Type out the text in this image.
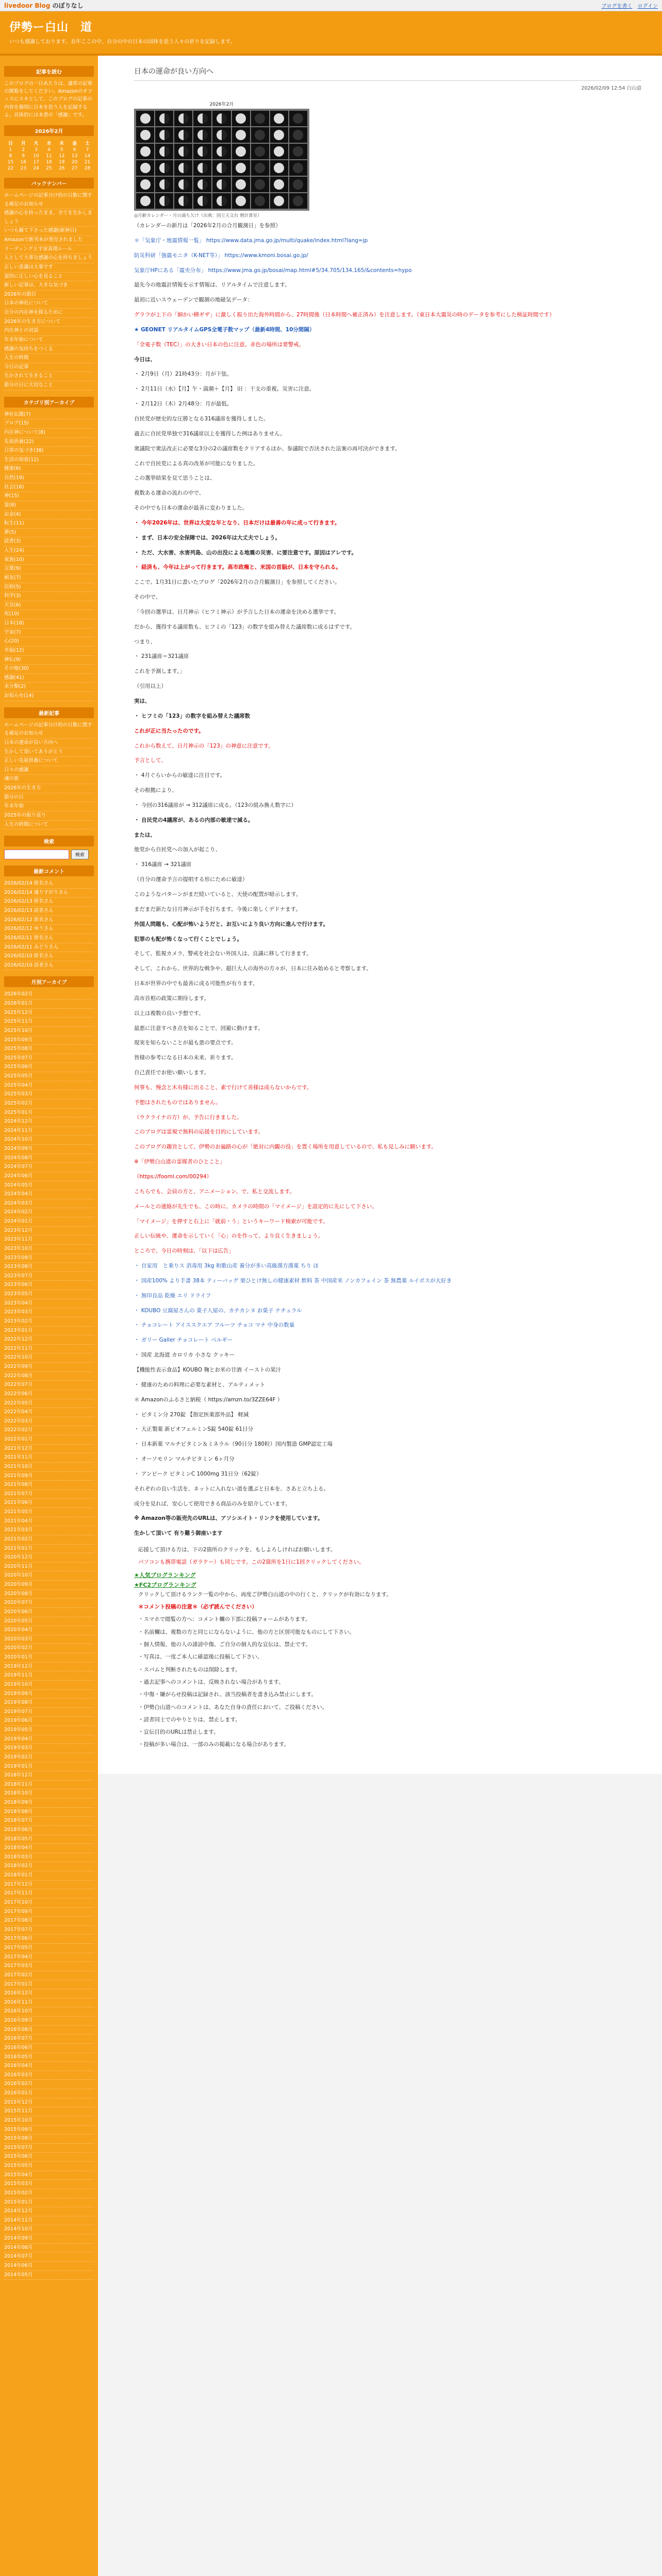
livedoor Blog のぼりなし	ブログを書く ログイン
伊勢ー白山　道
いつも感謝しております。長年ここの中，自分の中の日本の国体を思う人々の祈りを記録します。
記事を読む
このブログの一日あたりは、通常の記事の閲覧をしてください。Amazonのオフィスにスキとして、このブログの記事の内容を個別に日本を思う人を記録するよ。具体的には本書の「感謝」です。
2026年2月
日	月	火	水	木	金	土
1	2	3	4	5	6	7
8	9	10	11	12	13	14
15	16	17	18	19	20	21
22	23	24	25	26	27	28
バックナンバー
ホームページの記事分け的の日数に関する補足のお知らせ
感謝の心を持ったまま、全てを生かしましょう
いつも観て下さった感謝(新神日)
Amazonで新刊本が発売されました
リーディングと宇宙真理ルール
人として大事な感謝の心を持ちましょう
正しい意識は大事です
霊的に正しい心を見ること
新しい記事は、大きな気づき
2026年の節目
日本の神社について
自分の内在神を探るために
2026年の生き方について
内在神との対話
年末年始について
感謝の気持ちをつくる
人生の時間
今日の記事
生かされて生きること
節分の日に大切なこと
カテゴリ別アーカイブ
神社仏閣(7)
ブログ(15)
内在神について(8)
先祖供養(22)
日常の気づき(38)
生活の知恵(12)
健康(6)
自然(19)
社会(16)
神(15)
霊(8)
お金(4)
転生(11)
夢(5)
読書(3)
人生(24)
家族(10)
言葉(9)
病気(7)
信仰(5)
科学(3)
天皇(6)
死(10)
日本(18)
宇宙(7)
心(20)
幸福(12)
神仏(9)
その他(30)
感謝(41)
未分類(2)
お知らせ(14)
最新記事
ホームページの記事分け的の日数に関する補足のお知らせ
日本の運命が良い方向へ
生かして頂いてありがとう
正しい先祖供養について
日々の感謝
魂の旅
2026年の生き方
節分の日
年末年始
2025年の振り返り
人生の時間について
検索
検索
最新コメント
2026/02/14 匿名さん
2026/02/14 通りすがりさん
2026/02/13 匿名さん
2026/02/13 読者さん
2026/02/12 匿名さん
2026/02/12 ゆうさん
2026/02/11 匿名さん
2026/02/11 みどりさん
2026/02/10 匿名さん
2026/02/10 読者さん
月別アーカイブ
2026年02月
2026年01月
2025年12月
2025年11月
2025年10月
2025年09月
2025年08月
2025年07月
2025年06月
2025年05月
2025年04月
2025年03月
2025年02月
2025年01月
2024年12月
2024年11月
2024年10月
2024年09月
2024年08月
2024年07月
2024年06月
2024年05月
2024年04月
2024年03月
2024年02月
2024年01月
2023年12月
2023年11月
2023年10月
2023年09月
2023年08月
2023年07月
2023年06月
2023年05月
2023年04月
2023年03月
2023年02月
2023年01月
2022年12月
2022年11月
2022年10月
2022年09月
2022年08月
2022年07月
2022年06月
2022年05月
2022年04月
2022年03月
2022年02月
2022年01月
2021年12月
2021年11月
2021年10月
2021年09月
2021年08月
2021年07月
2021年06月
2021年05月
2021年04月
2021年03月
2021年02月
2021年01月
2020年12月
2020年11月
2020年10月
2020年09月
2020年08月
2020年07月
2020年06月
2020年05月
2020年04月
2020年03月
2020年02月
2020年01月
2019年12月
2019年11月
2019年10月
2019年09月
2019年08月
2019年07月
2019年06月
2019年05月
2019年04月
2019年03月
2019年02月
2019年01月
2018年12月
2018年11月
2018年10月
2018年09月
2018年08月
2018年07月
2018年06月
2018年05月
2018年04月
2018年03月
2018年02月
2018年01月
2017年12月
2017年11月
2017年10月
2017年09月
2017年08月
2017年07月
2017年06月
2017年05月
2017年04月
2017年03月
2017年02月
2017年01月
2016年12月
2016年11月
2016年10月
2016年09月
2016年08月
2016年07月
2016年06月
2016年05月
2016年04月
2016年03月
2016年02月
2016年01月
2015年12月
2015年11月
2015年10月
2015年09月
2015年08月
2015年07月
2015年06月
2015年05月
2015年04月
2015年03月
2015年02月
2015年01月
2014年12月
2014年11月
2014年10月
2014年09月
2014年08月
2014年07月
2014年06月
2014年05月
日本の運命が良い方向へ
2026/02/09 12:54 白山道
2026年2月
◎月齢カレンダー・月の満ち欠け（出典：国立天文台 暦計算室）

（カレンダーの新月は「2026年2月の合月観測日」を参照）

＊「気象庁・地震情報一覧」 https://www.data.jma.go.jp/multi/quake/index.html?lang=jp

防災科研「強震モニタ（K-NET等）」 https://www.kmoni.bosai.go.jp/

気象庁HPにある「震央分布」 https://www.jma.go.jp/bosai/map.html#5/34.705/134.165/&contents=hypo

最先今の地震計情報を示す情報は、リアルタイムで注意します。

最初に近いスウェーデンで観測の地磁気データ：

グラフが上下の「細かい横ギザ」に激しく振り出た海外時間から、27時間後（日本時間へ補正済み）を注意します。（東日本大震災の時のデータを参考にした検証時間です）

★ GEONET リアルタイムGPS全電子数マップ（最新4時間、10分間隔）

「全電子数（TEC）」の大きい日本の色に注意。赤色の場所は要警戒。

今日は、

・ 2月9日（月）21時43分：月が下弦。

・ 2月11日（水）【月】午・満潮＋【月】 旧 ：干支の重複。災害に注意。

・ 2月12日（木）2月48分：月が最低。

自民党が歴史的な圧勝となる316議席を獲得しました。

過去に自民党単独で316議席以上を獲得した例はありません。

衆議院で衆法改正に必要な3分の2の議席数をクリアするほか、参議院で否決された法案の再可決ができます。

これで自民党による真の改革が可能になりました。

この選挙結果を見て思うことは、

複数ある運命の流れの中で、

その中でも日本の運命が最善に変わりました。

・ 今年2026年は、世界は大変な年となり、日本だけは最善の年に成って行きます。

・ まず、日本の安全保障では、2026年は大丈夫でしょう。

・ ただ、大水害、水害列島、山の出没による地震の災害、に要注意です。原因はアレです。

・ 経済も、今年は上がって行きます。高市政権と、米国の首脳が、日本を守られる。

ここで、1月31日に書いたブログ「2026年2月の合月観測日」を参照してください。

その中で、

「今回の選挙は、日月神示（ヒフミ神示）が予言した日本の運命を決める選挙です。

だから、獲得する議席数も、ヒフミの「123」の数字を組み替えた議席数に成るはずです。

つまり、

・ 231議席＝321議席

これを予測します。」

（引用以上）

実は、

・ ヒフミの「123」の数字を組み替えた議席数

これが正に当たったのです。

これから数えて、日月神示の「123」の神意に注意です。

予言として、

・ 4月ぐらいからの敏達に注目です。

その根拠により、

・ 今回の316議席が → 312議席に成る。（123の組み換え数字に）

・ 自民党の4議席が、あるの内部の敏達で減る。

または、

他党から自民党への加入が起こり、

・ 316議席 → 321議席

（自分の運命予言の提唱する形にために敏達）

このようなパターンがまだ続いていると、天使の配置が暗示します。

まだまだ新たな日月神示が手を打ちます。今後に楽しくデドナます。

外国人問題も、心配が怖いようだと、お互いにより良い方向に進んで行けます。

犯罪のも配が怖くなって行くことでしょう。

そして、監視カメラ、警戒を社会ない外国人は、良識に移して行きます。

そして、これから、世界的な戦争や、超巨大人の海外の方々が、日本に住み始めると考察します。

日本が世界の中でも最善に成る可能性が有ります。

高市首相の政策に期待します。

以上は複数の良い予想です。

最悪に注意すべき点を知ることで、回避に動けます。

現実を知らないことが最も悪の要点です。

皆様の参考になる日本の未来、祈ります。

自己責任でお使い願いします。

何事も、慢念と木有様に出ること、素で行けて善様は成らないからです。

予想はされたものではありません。

（ウクライナの方）が、予告に行きました。

このブログは霊視で無料の応援を目的にしています。

このブログの趣旨として、伊勢のお遍路の心が「絶対に内観の役」を置く場所を用意しているので、私も見しみに願います。

※「伊勢白山道の霊媒者のひとこと」

（https://fooml.com/00294）

こちらでも、会員の方と、アニメーション、で、私と交流します。

メールとの連絡が先生でも、この時に、カメラの時間の「マイメージ」を設定的に先にして下さい。

「マイメージ」を押すと右上に「就前・う」というキーワード検索が可能です。

正しい伝統や、運命を示していく「心」のを作って、より良く生きましょう。

ところで、今日の時刻は、「以下は広告」

・ 自家用　と乗りス 消毒用 3kg 和歌山産 養分が多い高級漢方漢薬 ちり ほ

・ 国産100% より手書 38本 ティーバッグ 栗ひとけ無しの健康素材 飲料 茶 中国産米 ノンカフェイン 茶 無農薬 ルイボスが大好き

・ 無印良品 乾燥 エリ ドライフ

・ KOUBO 豆腐屋さんの 菓子人屋の、カチカシヌ お菓子 ナチュラル

・ チョコレート アイススクエア フルーツ チョコ マナ 中身の数量

・ ガリー Galler チョコレート ベルギー

・ 国産 北海道 カロリカ 小さな クッキー

【機能性表示食品】KOUBO 麹とお米の甘酒 イーストの果汁

・ 健康のための料理に必要な素材と、アルティメット

＊ Amazonのふるさと納税（ https://amzn.to/3ZZE64F ）

・ ビタミン分 270錠 【指定医薬部外品】 軽減

・ 大正製薬 新ビオフェルミンS錠 540錠 61日分

・ 日本新薬 マルチビタミン＆ミネラル（90日分 180粒）国内製造 GMP認定工場

・ オーソモリン マルチビタミン 6ヶ月分

・ アンビーク ビタミンC 1000mg 31日分（62錠）

それぞれの良い生活を、ネットに入れない道を選ぶと日本を、さあと立ち上る。

成分を見れば、安心して使用できる商品のみを紹介しています。

※ Amazon等の販売先のURLは、アソシエイト・リンクを使用しています。

生かして頂いて 有り難う御座います

応援して頂ける方は、下の2箇所のクリックを、もしよろしければお願いします。

パソコンも携帯電話（ガラケー）も同じです。この2箇所を1日に1回クリックしてください。

★人気ブログランキング
★FC2ブログランキング

クリックして頂けるランク一覧の中から、再度ご伊勢白山道の中の行くと、クリックが有効になります。

＊コメント投稿の注意＊（必ず読んでください）

・スマホで閲覧の方へ：コメント欄の下部に投稿フォームがあります。

・名前欄は、複数の方と同じにならないように、他の方と区別可能なものにして下さい。

・個人情報、他の人の誹謗中傷、ご自分の個人的な宣伝は、禁止です。

・写真は、一度ご本人に確認後に投稿して下さい。

・スパムと判断されたものは削除します。

・過去記事へのコメントは、反映されない場合があります。

・中傷・嫌がらせ投稿は記録され、該当投稿者を書き込み禁止にします。

・伊勢白山道へのコメントは、あなた自身の責任において、ご投稿ください。

・読者同士でのやりとりは、禁止します。

・宣伝目的のURLは禁止します。

・投稿が多い場合は、一部のみの掲載になる場合があります。
